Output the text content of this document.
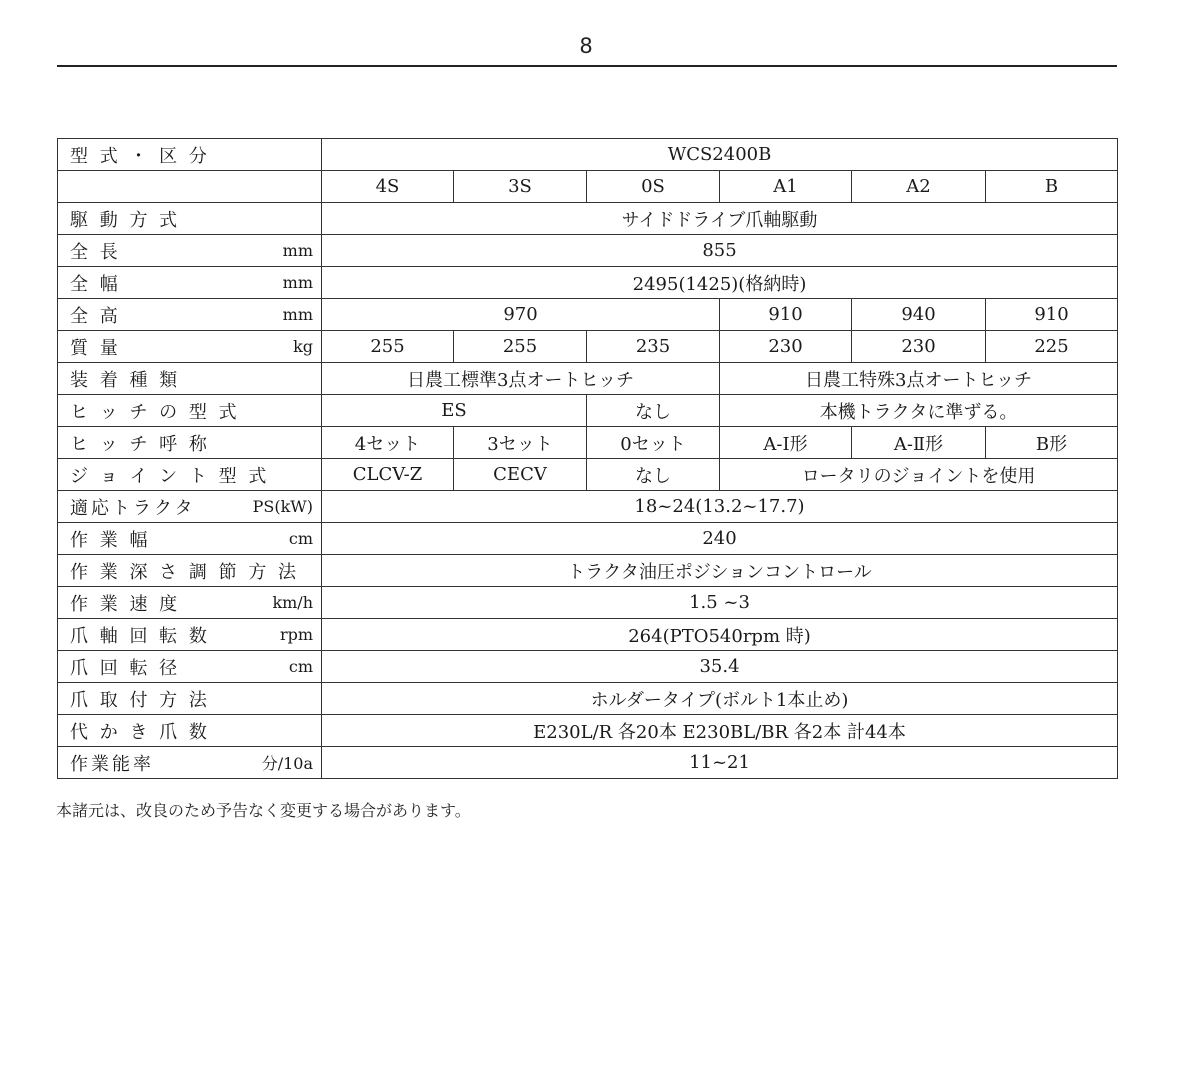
8
型 式 ・ 区 分	WCS2400B					
	4S	3S	0S	A1	A2	B

駆 動 方 式	サイドドライブ爪軸駆動					

全 長 mm	855					

全 幅 mm	2495(1425)(格納時)					

全 高 mm	970			910	940	910

質 量 kg	255	255	235	230	230	225

装 着 種 類	日農工標準3点オートヒッチ			日農工特殊3点オートヒッチ		

ヒ ッ チ の 型 式	ES		なし	本機トラクタに準ずる。		

ヒ ッ チ 呼 称	4セット	3セット	0セット	A-Ⅰ形	A-Ⅱ形	B形

ジ ョ イ ン ト 型 式	CLCV-Z	CECV	なし	ロータリのジョイントを使用		

適応トラクタ PS(kW)	18~24(13.2~17.7)					

作 業 幅 cm	240					

作 業 深 さ 調 節 方 法	トラクタ油圧ポジションコントロール					

作 業 速 度 km/h	1.5 ~3					

爪 軸 回 転 数 rpm	264(PTO540rpm 時)					

爪 回 転 径 cm	35.4					

爪 取 付 方 法	ホルダータイプ(ボルト1本止め)					

代 か き 爪 数	E230L/R 各20本 E230BL/BR 各2本 計44本					

作業能率 分/10a	11~21					
本諸元は、改良のため予告なく変更する場合があります。
